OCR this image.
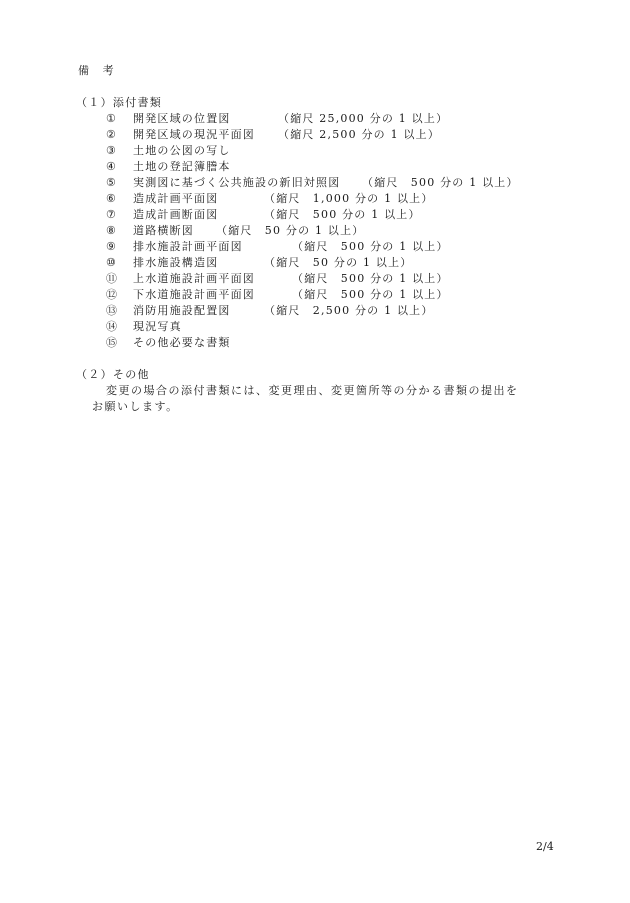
備　考
（１）添付書類
① 開発区域の位置図	（縮尺 25,000 分の 1 以上）
② 開発区域の現況平面図 （縮尺 2,500 分の 1 以上）
③ 土地の公図の写し
④ 土地の登記簿謄本
⑤ 実測図に基づく公共施設の新旧対照図 （縮尺　500 分の 1 以上）
⑥ 造成計画平面図	（縮尺　1,000 分の 1 以上）
⑦ 造成計画断面図	（縮尺　500 分の 1 以上）
⑧ 道路横断図 （縮尺　50 分の 1 以上）
⑨ 排水施設計画平面図	（縮尺　500 分の 1 以上）
⑩ 排水施設構造図	（縮尺　50 分の 1 以上）
⑪ 上水道施設計画平面図	（縮尺　500 分の 1 以上）
⑫ 下水道施設計画平面図	（縮尺　500 分の 1 以上）
⑬ 消防用施設配置図	（縮尺　2,500 分の 1 以上）
⑭ 現況写真
⑮ その他必要な書類
（２）その他
変更の場合の添付書類には、変更理由、変更箇所等の分かる書類の提出を
お願いします。
2/4
